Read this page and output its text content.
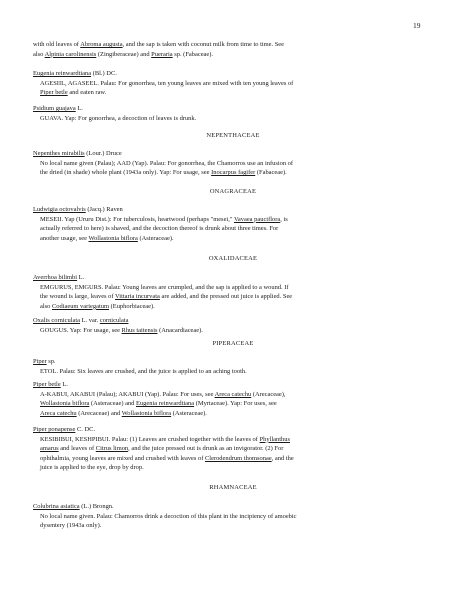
19

with old leaves of Abroma augusta, and the sap is taken with coconut milk from time to time. See
also Alpinia carolinensis (Zingiberaceae) and Pueraria sp. (Fabaceae).

Eugenia reinwardtiana (Bl.) DC.
AGESIIL, AGASEEL. Palau: For gonorrhea, ten young leaves are mixed with ten young leaves of
Piper betle and eaten raw.

Psidium guajava L.
GUAVA. Yap: For gonorrhea, a decoction of leaves is drunk.

NEPENTHACEAE

Nepenthes mirabilis (Lour.) Druce
No local name given (Palau); AAD (Yap). Palau: For gonorrhea, the Chamorros use an infusion of
the dried (in shade) whole plant (1943a only). Yap: For usage, see Inocarpus fagifer (Fabaceae).

ONAGRACEAE

Ludwigia octovalvis (Jacq.) Raven
MESEII. Yap (Ururu Dist.): For tuberculosis, heartwood (perhaps "mesei," Vavaea pauciflora, is
actually referred to here) is shaved, and the decoction thereof is drunk about three times. For
another usage, see Wollastonia biflora (Asteraceae).

OXALIDACEAE

Averrhoa bilimbi L.
EMGURUS, EMGURS. Palau: Young leaves are crumpled, and the sap is applied to a wound. If
the wound is large, leaves of Vittaria incurvata are added, and the pressed out juice is applied. See
also Codiaeum variegatum (Euphorbiaceae).

Oxalis corniculata L. var. corniculata
GOUGUS. Yap: For usage, see Rhus taitensis (Anacardiaceae).

PIPERACEAE

Piper sp.
ETOL. Palau: Six leaves are crushed, and the juice is applied to an aching tooth.

Piper betle L.
A-KABUI, AKABUI (Palau); AKABUI (Yap). Palau: For uses, see Areca catechu (Arecaceae),
Wollastonia biflora (Asteraceae) and Eugenia reinwardtiana (Myrtaceae). Yap: For uses, see
Areca catechu (Arecaceae) and Wollastonia biflora (Asteraceae).

Piper ponapense C. DC.
KESIBIBUI, KESHPIBUI. Palau: (1) Leaves are crushed together with the leaves of Phyllanthus
amarus and leaves of Citrus limon, and the juice pressed out is drunk as an invigorator. (2) For
ophthalmia, young leaves are mixed and crushed with leaves of Clerodendrum thomsonae, and the
juice is applied to the eye, drop by drop.

RHAMNACEAE

Colubrina asiatica (L.) Brongn.
No local name given. Palau: Chamorros drink a decoction of this plant in the incipiency of amoebic
dysentery (1943a only).
